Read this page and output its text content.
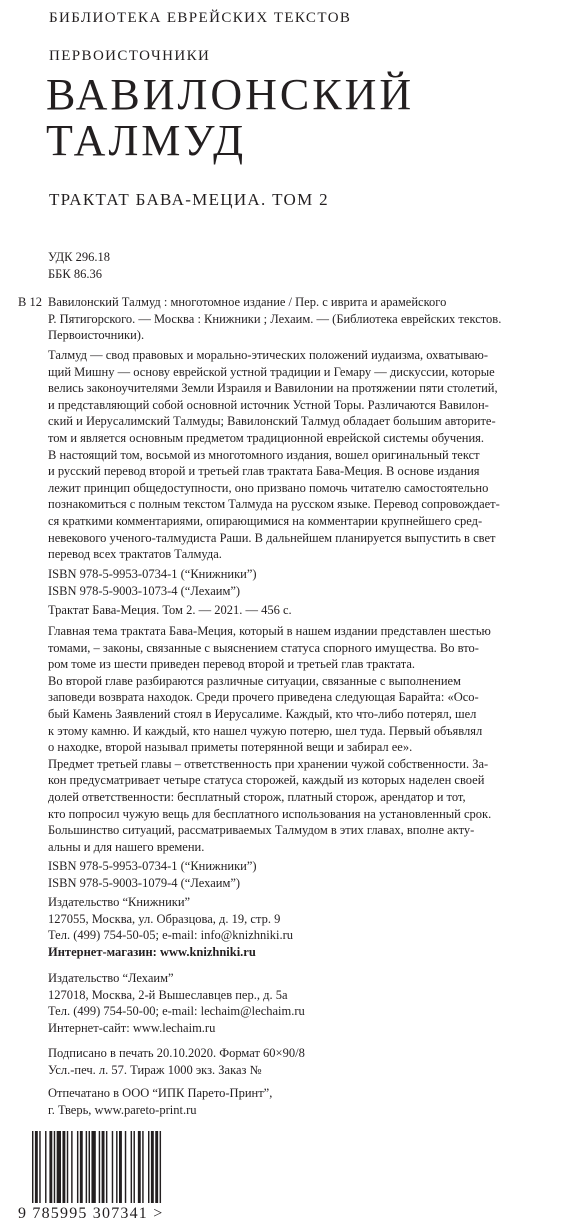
БИБЛИОТЕКА ЕВРЕЙСКИХ ТЕКСТОВ
ПЕРВОИСТОЧНИКИ
ВАВИЛОНСКИЙ
ТАЛМУД
ТРАКТАТ БАВА-МЕЦИА. ТОМ 2
УДК 296.18
ББК 86.36
В 12 Вавилонский Талмуд : многотомное издание / Пер. с иврита и арамейского
Р. Пятигорского. — Москва : Книжники ; Лехаим. — (Библиотека еврейских текстов.
Первоисточники).
Талмуд — свод правовых и морально-этических положений иудаизма, охватываю-
щий Мишну — основу еврейской устной традиции и Гемару — дискуссии, которые
велись законоучителями Земли Израиля и Вавилонии на протяжении пяти столетий,
и представляющий собой основной источник Устной Торы. Различаются Вавилон-
ский и Иерусалимский Талмуды; Вавилонский Талмуд обладает большим авторите-
том и является основным предметом традиционной еврейской системы обучения.
В настоящий том, восьмой из многотомного издания, вошел оригинальный текст
и русский перевод второй и третьей глав трактата Бава-Меция. В основе издания
лежит принцип общедоступности, оно призвано помочь читателю самостоятельно
познакомиться с полным текстом Талмуда на русском языке. Перевод сопровождает-
ся краткими комментариями, опирающимися на комментарии крупнейшего сред-
невекового ученого-талмудиста Раши. В дальнейшем планируется выпустить в свет
перевод всех трактатов Талмуда.
ISBN 978-5-9953-0734-1 (“Книжники”)
ISBN 978-5-9003-1073-4 (“Лехаим”)
Трактат Бава-Меция. Том 2. — 2021. — 456 с.
Главная тема трактата Бава-Меция, который в нашем издании представлен шестью
томами, – законы, связанные с выяснением статуса спорного имущества. Во вто-
ром томе из шести приведен перевод второй и третьей глав трактата.
Во второй главе разбираются различные ситуации, связанные с выполнением
заповеди возврата находок. Среди прочего приведена следующая Барайта: «Осо-
бый Камень Заявлений стоял в Иерусалиме. Каждый, кто что-либо потерял, шел
к этому камню. И каждый, кто нашел чужую потерю, шел туда. Первый объявлял
о находке, второй называл приметы потерянной вещи и забирал ее».
Предмет третьей главы – ответственность при хранении чужой собственности. За-
кон предусматривает четыре статуса сторожей, каждый из которых наделен своей
долей ответственности: бесплатный сторож, платный сторож, арендатор и тот,
кто попросил чужую вещь для бесплатного использования на установленный срок.
Большинство ситуаций, рассматриваемых Талмудом в этих главах, вполне акту-
альны и для нашего времени.
ISBN 978-5-9953-0734-1 (“Книжники”)
ISBN 978-5-9003-1079-4 (“Лехаим”)
Издательство “Книжники”
127055, Москва, ул. Образцова, д. 19, стр. 9
Тел. (499) 754-50-05; e-mail: info@knizhniki.ru
Интернет-магазин: www.knizhniki.ru
Издательство “Лехаим”
127018, Москва, 2-й Вышеславцев пер., д. 5а
Тел. (499) 754-50-00; e-mail: lechaim@lechaim.ru
Интернет-сайт: www.lechaim.ru
Подписано в печать 20.10.2020. Формат 60×90/8
Усл.-печ. л. 57. Тираж 1000 экз. Заказ №
Отпечатано в ООО “ИПК Парето-Принт”,
г. Тверь, www.pareto-print.ru
9 785995 307341 >
